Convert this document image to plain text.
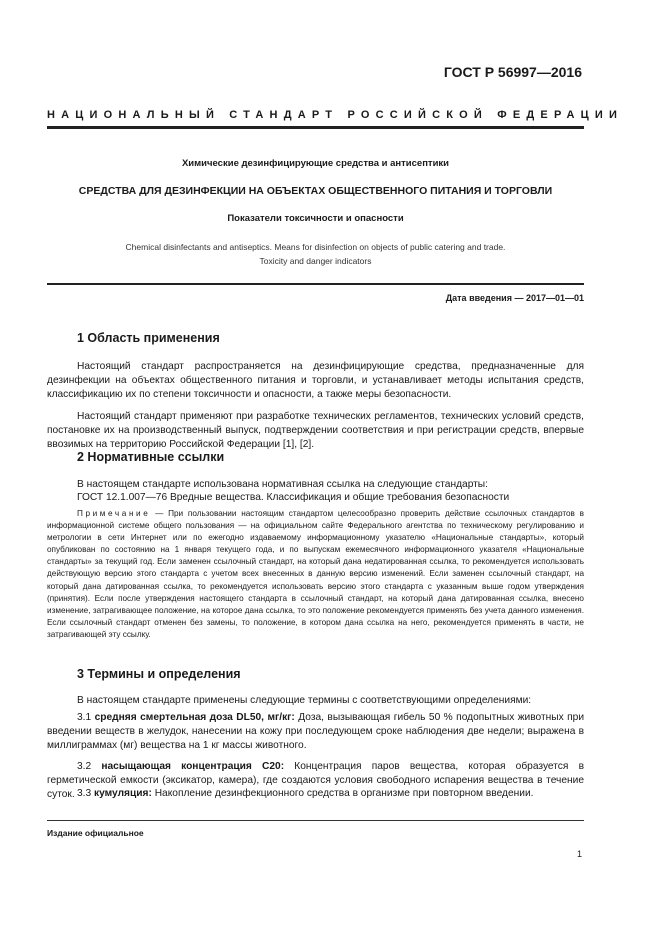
ГОСТ Р 56997—2016
НАЦИОНАЛЬНЫЙ СТАНДАРТ РОССИЙСКОЙ ФЕДЕРАЦИИ
Химические дезинфицирующие средства и антисептики
СРЕДСТВА ДЛЯ ДЕЗИНФЕКЦИИ НА ОБЪЕКТАХ ОБЩЕСТВЕННОГО ПИТАНИЯ И ТОРГОВЛИ
Показатели токсичности и опасности
Chemical disinfectants and antiseptics. Means for disinfection on objects of public catering and trade.
Toxicity and danger indicators
Дата введения — 2017—01—01
1 Область применения

Настоящий стандарт распространяется на дезинфицирующие средства, предназначенные для дезинфекции на объектах общественного питания и торговли, и устанавливает методы испытания средств, классификацию их по степени токсичности и опасности, а также меры безопасности.

Настоящий стандарт применяют при разработке технических регламентов, технических условий средств, постановке их на производственный выпуск, подтверждении соответствия и при регистрации средств, впервые ввозимых на территорию Российской Федерации [1], [2].

2 Нормативные ссылки

В настоящем стандарте использована нормативная ссылка на следующие стандарты:

ГОСТ 12.1.007—76 Вредные вещества. Классификация и общие требования безопасности

Примечание — При пользовании настоящим стандартом целесообразно проверить действие ссылочных стандартов в информационной системе общего пользования — на официальном сайте Федерального агентства по техническому регулированию и метрологии в сети Интернет или по ежегодно издаваемому информационному указателю «Национальные стандарты», который опубликован по состоянию на 1 января текущего года, и по выпускам ежемесячного информационного указателя «Национальные стандарты» за текущий год. Если заменен ссылочный стандарт, на который дана недатированная ссылка, то рекомендуется использовать действующую версию этого стандарта с учетом всех внесенных в данную версию изменений. Если заменен ссылочный стандарт, на который дана датированная ссылка, то рекомендуется использовать версию этого стандарта с указанным выше годом утверждения (принятия). Если после утверждения настоящего стандарта в ссылочный стандарт, на который дана датированная ссылка, внесено изменение, затрагивающее положение, на которое дана ссылка, то это положение рекомендуется применять без учета данного изменения. Если ссылочный стандарт отменен без замены, то положение, в котором дана ссылка на него, рекомендуется применять в части, не затрагивающей эту ссылку.

3 Термины и определения

В настоящем стандарте применены следующие термины с соответствующими определениями:

3.1 средняя смертельная доза DL50, мг/кг: Доза, вызывающая гибель 50 % подопытных животных при введении веществ в желудок, нанесении на кожу при последующем сроке наблюдения две недели; выражена в миллиграммах (мг) вещества на 1 кг массы животного.

3.2 насыщающая концентрация C20: Концентрация паров вещества, которая образуется в герметической емкости (эксикатор, камера), где создаются условия свободного испарения вещества в течение суток. 3.3 кумуляция: Накопление дезинфекционного средства в организме при повторном введении.

Издание официальное
1
